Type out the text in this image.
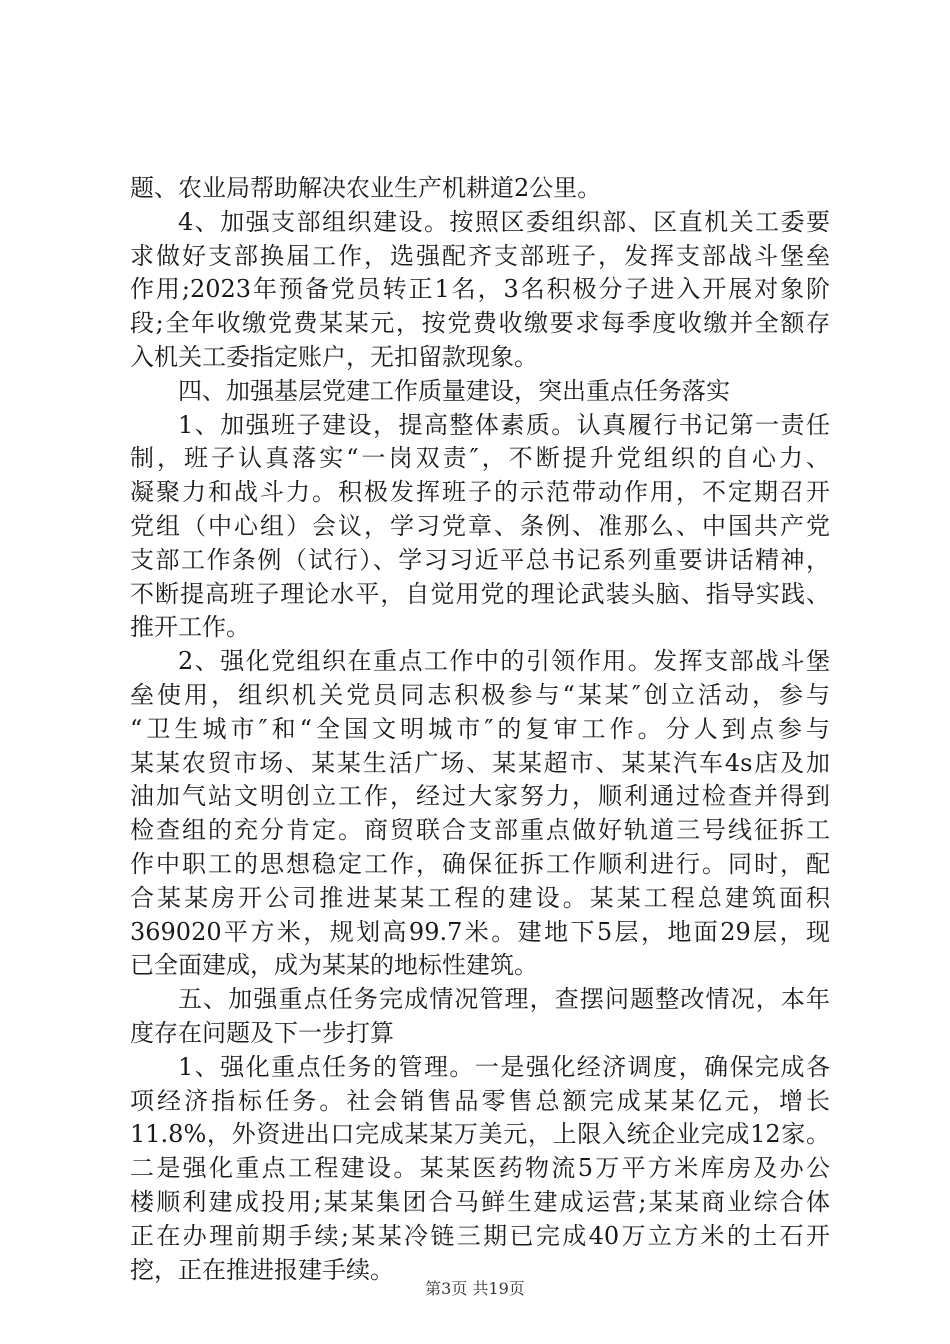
题、农业局帮助解决农业生产机耕道2公里。
4、加强支部组织建设。按照区委组织部、区直机关工委要
求做好支部换届工作，选强配齐支部班子，发挥支部战斗堡垒
作用;2023年预备党员转正1名，3名积极分子进入开展对象阶
段;全年收缴党费某某元，按党费收缴要求每季度收缴并全额存
入机关工委指定账户，无扣留款现象。
四、加强基层党建工作质量建设，突出重点任务落实
1、加强班子建设，提高整体素质。认真履行书记第一责任
制，班子认真落实“一岗双责″，不断提升党组织的自心力、
凝聚力和战斗力。积极发挥班子的示范带动作用，不定期召开
党组（中心组）会议，学习党章、条例、准那么、中国共产党
支部工作条例（试行）、学习习近平总书记系列重要讲话精神，
不断提高班子理论水平，自觉用党的理论武装头脑、指导实践、
推开工作。
2、强化党组织在重点工作中的引领作用。发挥支部战斗堡
垒使用，组织机关党员同志积极参与“某某″创立活动，参与
“卫生城市″和“全国文明城市″的复审工作。分人到点参与
某某农贸市场、某某生活广场、某某超市、某某汽车4s店及加
油加气站文明创立工作，经过大家努力，顺利通过检查并得到
检查组的充分肯定。商贸联合支部重点做好轨道三号线征拆工
作中职工的思想稳定工作，确保征拆工作顺利进行。同时，配
合某某房开公司推进某某工程的建设。某某工程总建筑面积
369020平方米，规划高99.7米。建地下5层，地面29层，现
已全面建成，成为某某的地标性建筑。
五、加强重点任务完成情况管理，查摆问题整改情况，本年
度存在问题及下一步打算
1、强化重点任务的管理。一是强化经济调度，确保完成各
项经济指标任务。社会销售品零售总额完成某某亿元，增长
11.8%，外资进出口完成某某万美元，上限入统企业完成12家。
二是强化重点工程建设。某某医药物流5万平方米库房及办公
楼顺利建成投用;某某集团合马鲜生建成运营;某某商业综合体
正在办理前期手续;某某冷链三期已完成40万立方米的土石开
挖，正在推进报建手续。
第3页 共19页
